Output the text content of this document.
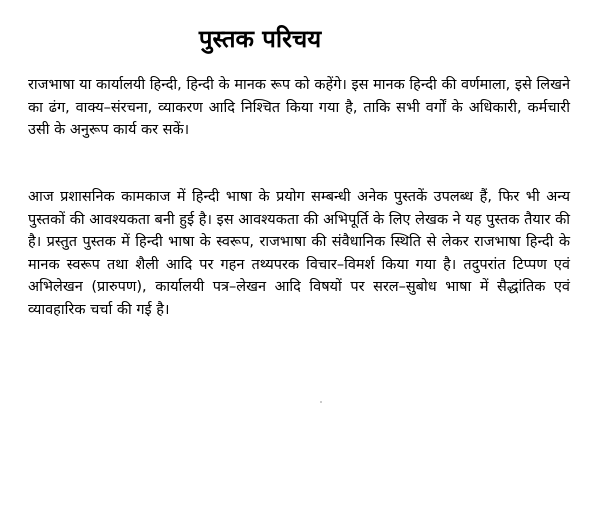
पुस्तक परिचय

राजभाषा या कार्यालयी हिन्दी, हिन्दी के मानक रूप को कहेंगे। इस मानक हिन्दी की वर्णमाला, इसे लिखने का ढंग, वाक्य–संरचना, व्याकरण आदि निश्चित किया गया है, ताकि सभी वर्गों के अधिकारी, कर्मचारी उसी के अनुरूप कार्य कर सकें।

आज प्रशासनिक कामकाज में हिन्दी भाषा के प्रयोग सम्बन्धी अनेक पुस्तकें उपलब्ध हैं, फिर भी अन्य पुस्तकों की आवश्यकता बनी हुई है। इस आवश्यकता की अभिपूर्ति के लिए लेखक ने यह पुस्तक तैयार की है। प्रस्तुत पुस्तक में हिन्दी भाषा के स्वरूप, राजभाषा की संवैधानिक स्थिति से लेकर राजभाषा हिन्दी के मानक स्वरूप तथा शैली आदि पर गहन तथ्यपरक विचार–विमर्श किया गया है। तदुपरांत टिप्पण एवं अभिलेखन (प्रारुपण), कार्यालयी पत्र–लेखन आदि विषयों पर सरल–सुबोध भाषा में सैद्धांतिक एवं व्यावहारिक चर्चा की गई है।
